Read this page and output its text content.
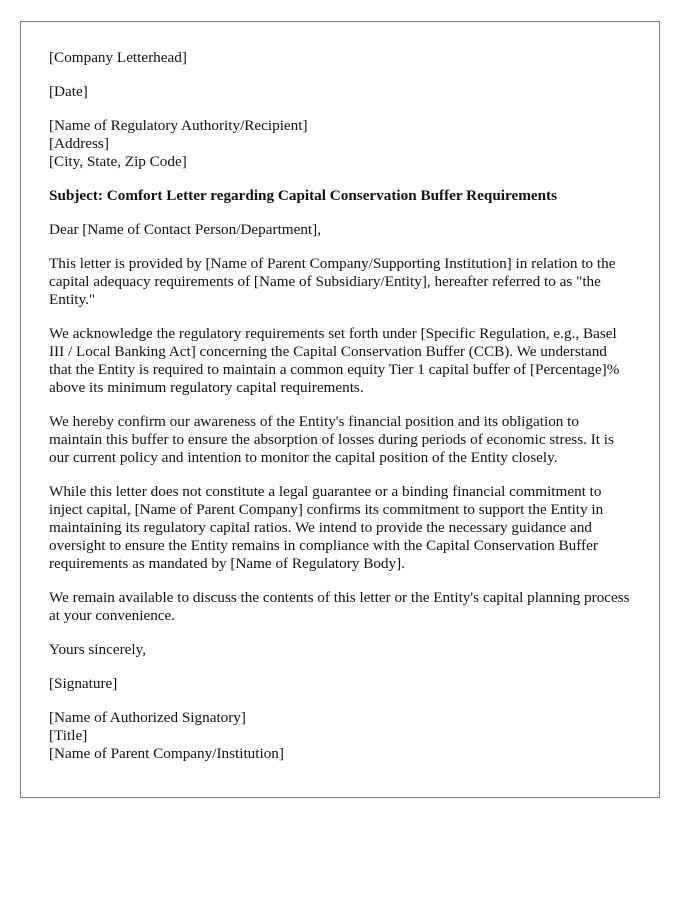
[Company Letterhead]

[Date]

[Name of Regulatory Authority/Recipient]
[Address]
[City, State, Zip Code]

Subject: Comfort Letter regarding Capital Conservation Buffer Requirements

Dear [Name of Contact Person/Department],

This letter is provided by [Name of Parent Company/Supporting Institution] in relation to the capital adequacy requirements of [Name of Subsidiary/Entity], hereafter referred to as "the Entity."

We acknowledge the regulatory requirements set forth under [Specific Regulation, e.g., Basel III / Local Banking Act] concerning the Capital Conservation Buffer (CCB). We understand that the Entity is required to maintain a common equity Tier 1 capital buffer of [Percentage]% above its minimum regulatory capital requirements.

We hereby confirm our awareness of the Entity's financial position and its obligation to maintain this buffer to ensure the absorption of losses during periods of economic stress. It is our current policy and intention to monitor the capital position of the Entity closely.

While this letter does not constitute a legal guarantee or a binding financial commitment to inject capital, [Name of Parent Company] confirms its commitment to support the Entity in maintaining its regulatory capital ratios. We intend to provide the necessary guidance and oversight to ensure the Entity remains in compliance with the Capital Conservation Buffer requirements as mandated by [Name of Regulatory Body].

We remain available to discuss the contents of this letter or the Entity's capital planning process at your convenience.

Yours sincerely,

[Signature]

[Name of Authorized Signatory]
[Title]
[Name of Parent Company/Institution]
